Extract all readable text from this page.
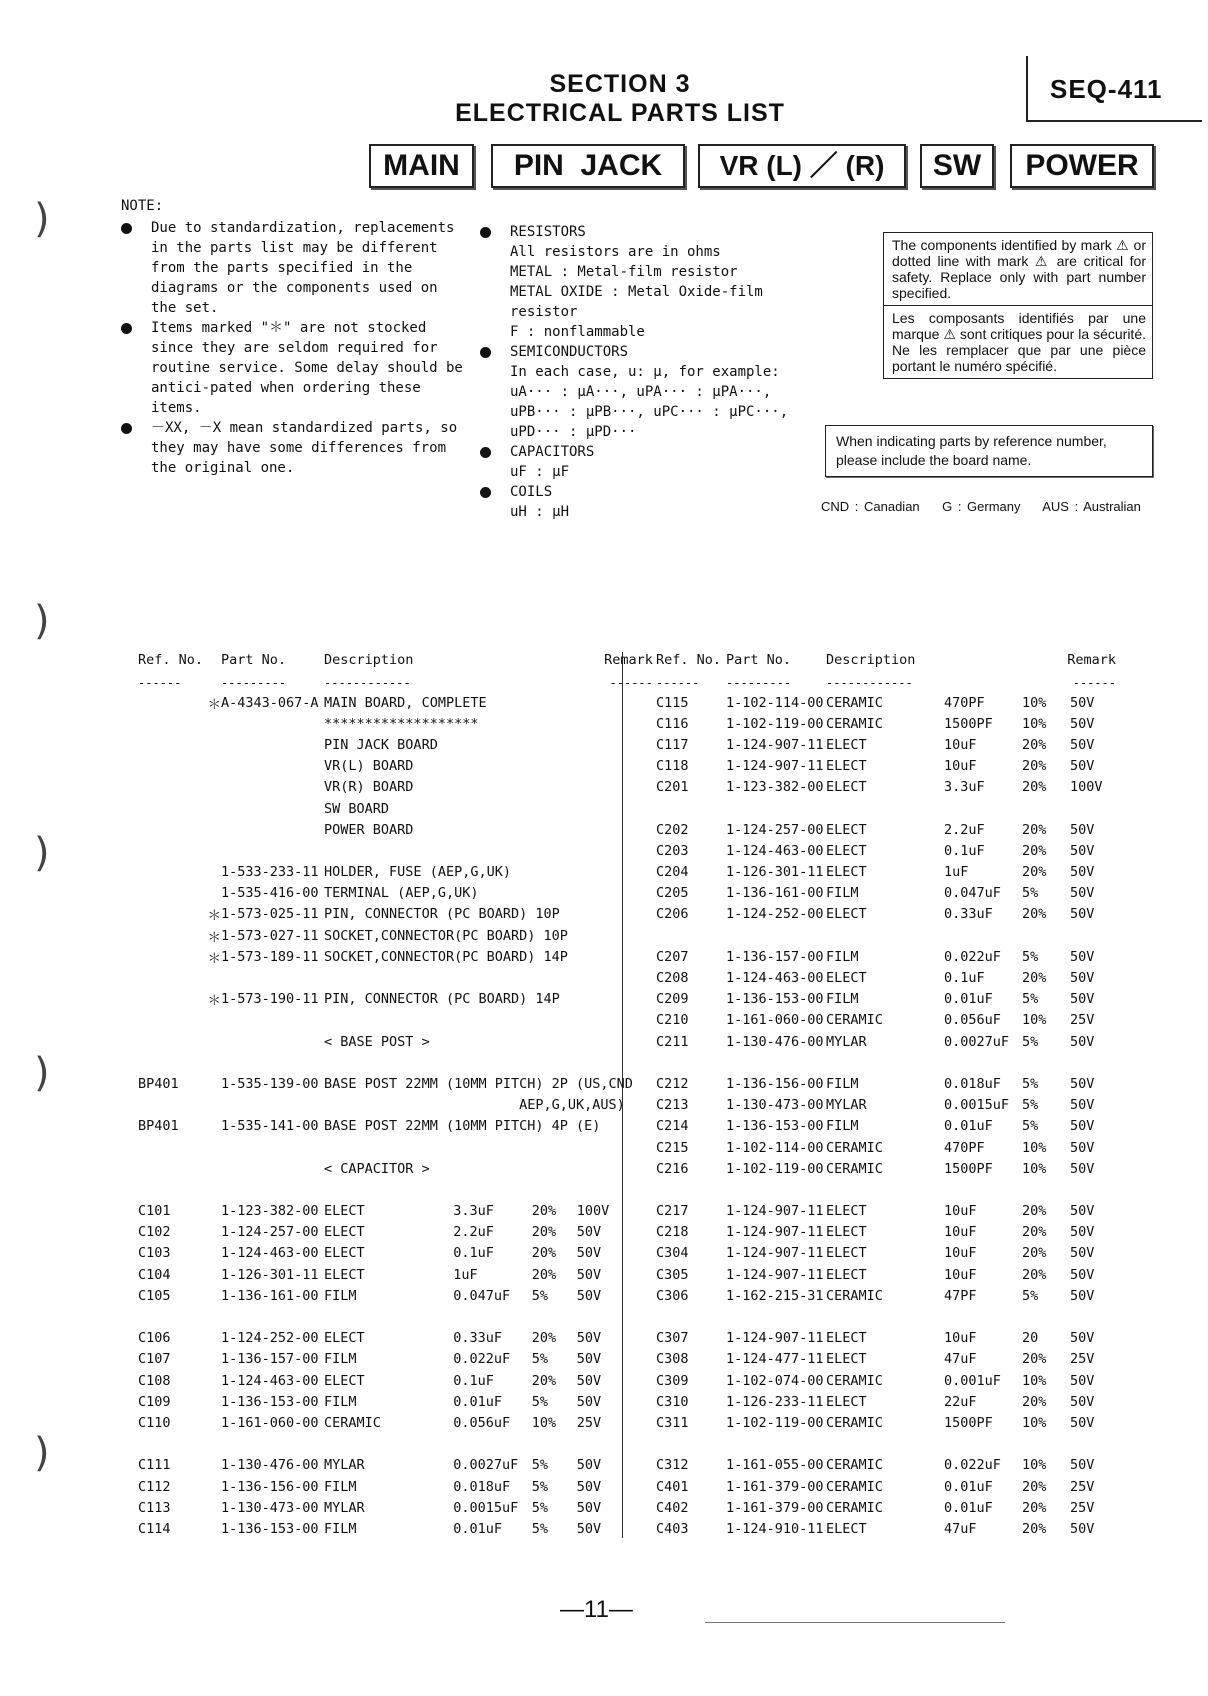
)
)
)
)
)
SECTION 3
ELECTRICAL PARTS LIST
SEQ-411
MAIN	PIN  JACK	VR (L) ／ (R)	SW	POWER
NOTE:
Due to standardization, replacements in the parts list may be different from the parts specified in the diagrams or the components used on the set.
Items marked "＊" are not stocked since they are seldom required for routine service. Some delay should be antici-pated when ordering these items.
－XX, －X mean standardized parts, so they may have some differences from the original one.
RESISTORS
All resistors are in ohms
METAL : Metal-film resistor
METAL OXIDE : Metal Oxide-film resistor
F : nonflammable
SEMICONDUCTORS
In each case, u: μ, for example:
uA··· : μA···, uPA··· : μPA···,
uPB··· : μPB···, uPC··· : μPC···,
uPD··· : μPD···
CAPACITORS
uF : μF
COILS
uH : μH
The components identified by mark ⚠ or dotted line with mark ⚠ are critical for safety. Replace only with part number specified.
Les composants identifiés par une marque ⚠ sont critiques pour la sécurité. Ne les remplacer que par une pièce portant le numéro spécifié.
When indicating parts by reference number, please include the board name.
CND : Canadian    G : Germany    AUS : Australian
Ref. No.		Part No.	Description			Remark	
------		---------	------------			------	
	＊	A-4343-067-A	MAIN BOARD, COMPLETE				
			*******************				
			PIN JACK BOARD				
			VR(L) BOARD				
			VR(R) BOARD				
			SW BOARD				
			POWER BOARD				

		1-533-233-11	HOLDER, FUSE (AEP,G,UK)				
		1-535-416-00	TERMINAL (AEP,G,UK)				
	＊	1-573-025-11	PIN, CONNECTOR (PC BOARD) 10P				
	＊	1-573-027-11	SOCKET,CONNECTOR(PC BOARD) 10P				
	＊	1-573-189-11	SOCKET,CONNECTOR(PC BOARD) 14P				

	＊	1-573-190-11	PIN, CONNECTOR (PC BOARD) 14P				

			< BASE POST >				

BP401		1-535-139-00	BASE POST 22MM (10MM PITCH) 2P (US,CND				
			AEP,G,UK,AUS)				
BP401		1-535-141-00	BASE POST 22MM (10MM PITCH) 4P (E)				

			< CAPACITOR >				

C101		1-123-382-00	ELECT	3.3uF	20%	100V	
C102		1-124-257-00	ELECT	2.2uF	20%	50V	
C103		1-124-463-00	ELECT	0.1uF	20%	50V	
C104		1-126-301-11	ELECT	1uF	20%	50V	
C105		1-136-161-00	FILM	0.047uF	5%	50V	

C106		1-124-252-00	ELECT	0.33uF	20%	50V	
C107		1-136-157-00	FILM	0.022uF	5%	50V	
C108		1-124-463-00	ELECT	0.1uF	20%	50V	
C109		1-136-153-00	FILM	0.01uF	5%	50V	
C110		1-161-060-00	CERAMIC	0.056uF	10%	25V	

C111		1-130-476-00	MYLAR	0.0027uF	5%	50V	
C112		1-136-156-00	FILM	0.018uF	5%	50V	
C113		1-130-473-00	MYLAR	0.0015uF	5%	50V	
C114		1-136-153-00	FILM	0.01uF	5%	50V	
Ref. No.	Part No.	Description			Remark
------	---------	------------			------
C115	1-102-114-00	CERAMIC	470PF	10%	50V
C116	1-102-119-00	CERAMIC	1500PF	10%	50V
C117	1-124-907-11	ELECT	10uF	20%	50V
C118	1-124-907-11	ELECT	10uF	20%	50V
C201	1-123-382-00	ELECT	3.3uF	20%	100V

C202	1-124-257-00	ELECT	2.2uF	20%	50V
C203	1-124-463-00	ELECT	0.1uF	20%	50V
C204	1-126-301-11	ELECT	1uF	20%	50V
C205	1-136-161-00	FILM	0.047uF	5%	50V
C206	1-124-252-00	ELECT	0.33uF	20%	50V

C207	1-136-157-00	FILM	0.022uF	5%	50V
C208	1-124-463-00	ELECT	0.1uF	20%	50V
C209	1-136-153-00	FILM	0.01uF	5%	50V
C210	1-161-060-00	CERAMIC	0.056uF	10%	25V
C211	1-130-476-00	MYLAR	0.0027uF	5%	50V

C212	1-136-156-00	FILM	0.018uF	5%	50V
C213	1-130-473-00	MYLAR	0.0015uF	5%	50V
C214	1-136-153-00	FILM	0.01uF	5%	50V
C215	1-102-114-00	CERAMIC	470PF	10%	50V
C216	1-102-119-00	CERAMIC	1500PF	10%	50V

C217	1-124-907-11	ELECT	10uF	20%	50V
C218	1-124-907-11	ELECT	10uF	20%	50V
C304	1-124-907-11	ELECT	10uF	20%	50V
C305	1-124-907-11	ELECT	10uF	20%	50V
C306	1-162-215-31	CERAMIC	47PF	5%	50V

C307	1-124-907-11	ELECT	10uF	20	50V
C308	1-124-477-11	ELECT	47uF	20%	25V
C309	1-102-074-00	CERAMIC	0.001uF	10%	50V
C310	1-126-233-11	ELECT	22uF	20%	50V
C311	1-102-119-00	CERAMIC	1500PF	10%	50V

C312	1-161-055-00	CERAMIC	0.022uF	10%	50V
C401	1-161-379-00	CERAMIC	0.01uF	20%	25V
C402	1-161-379-00	CERAMIC	0.01uF	20%	25V
C403	1-124-910-11	ELECT	47uF	20%	50V
—11—
